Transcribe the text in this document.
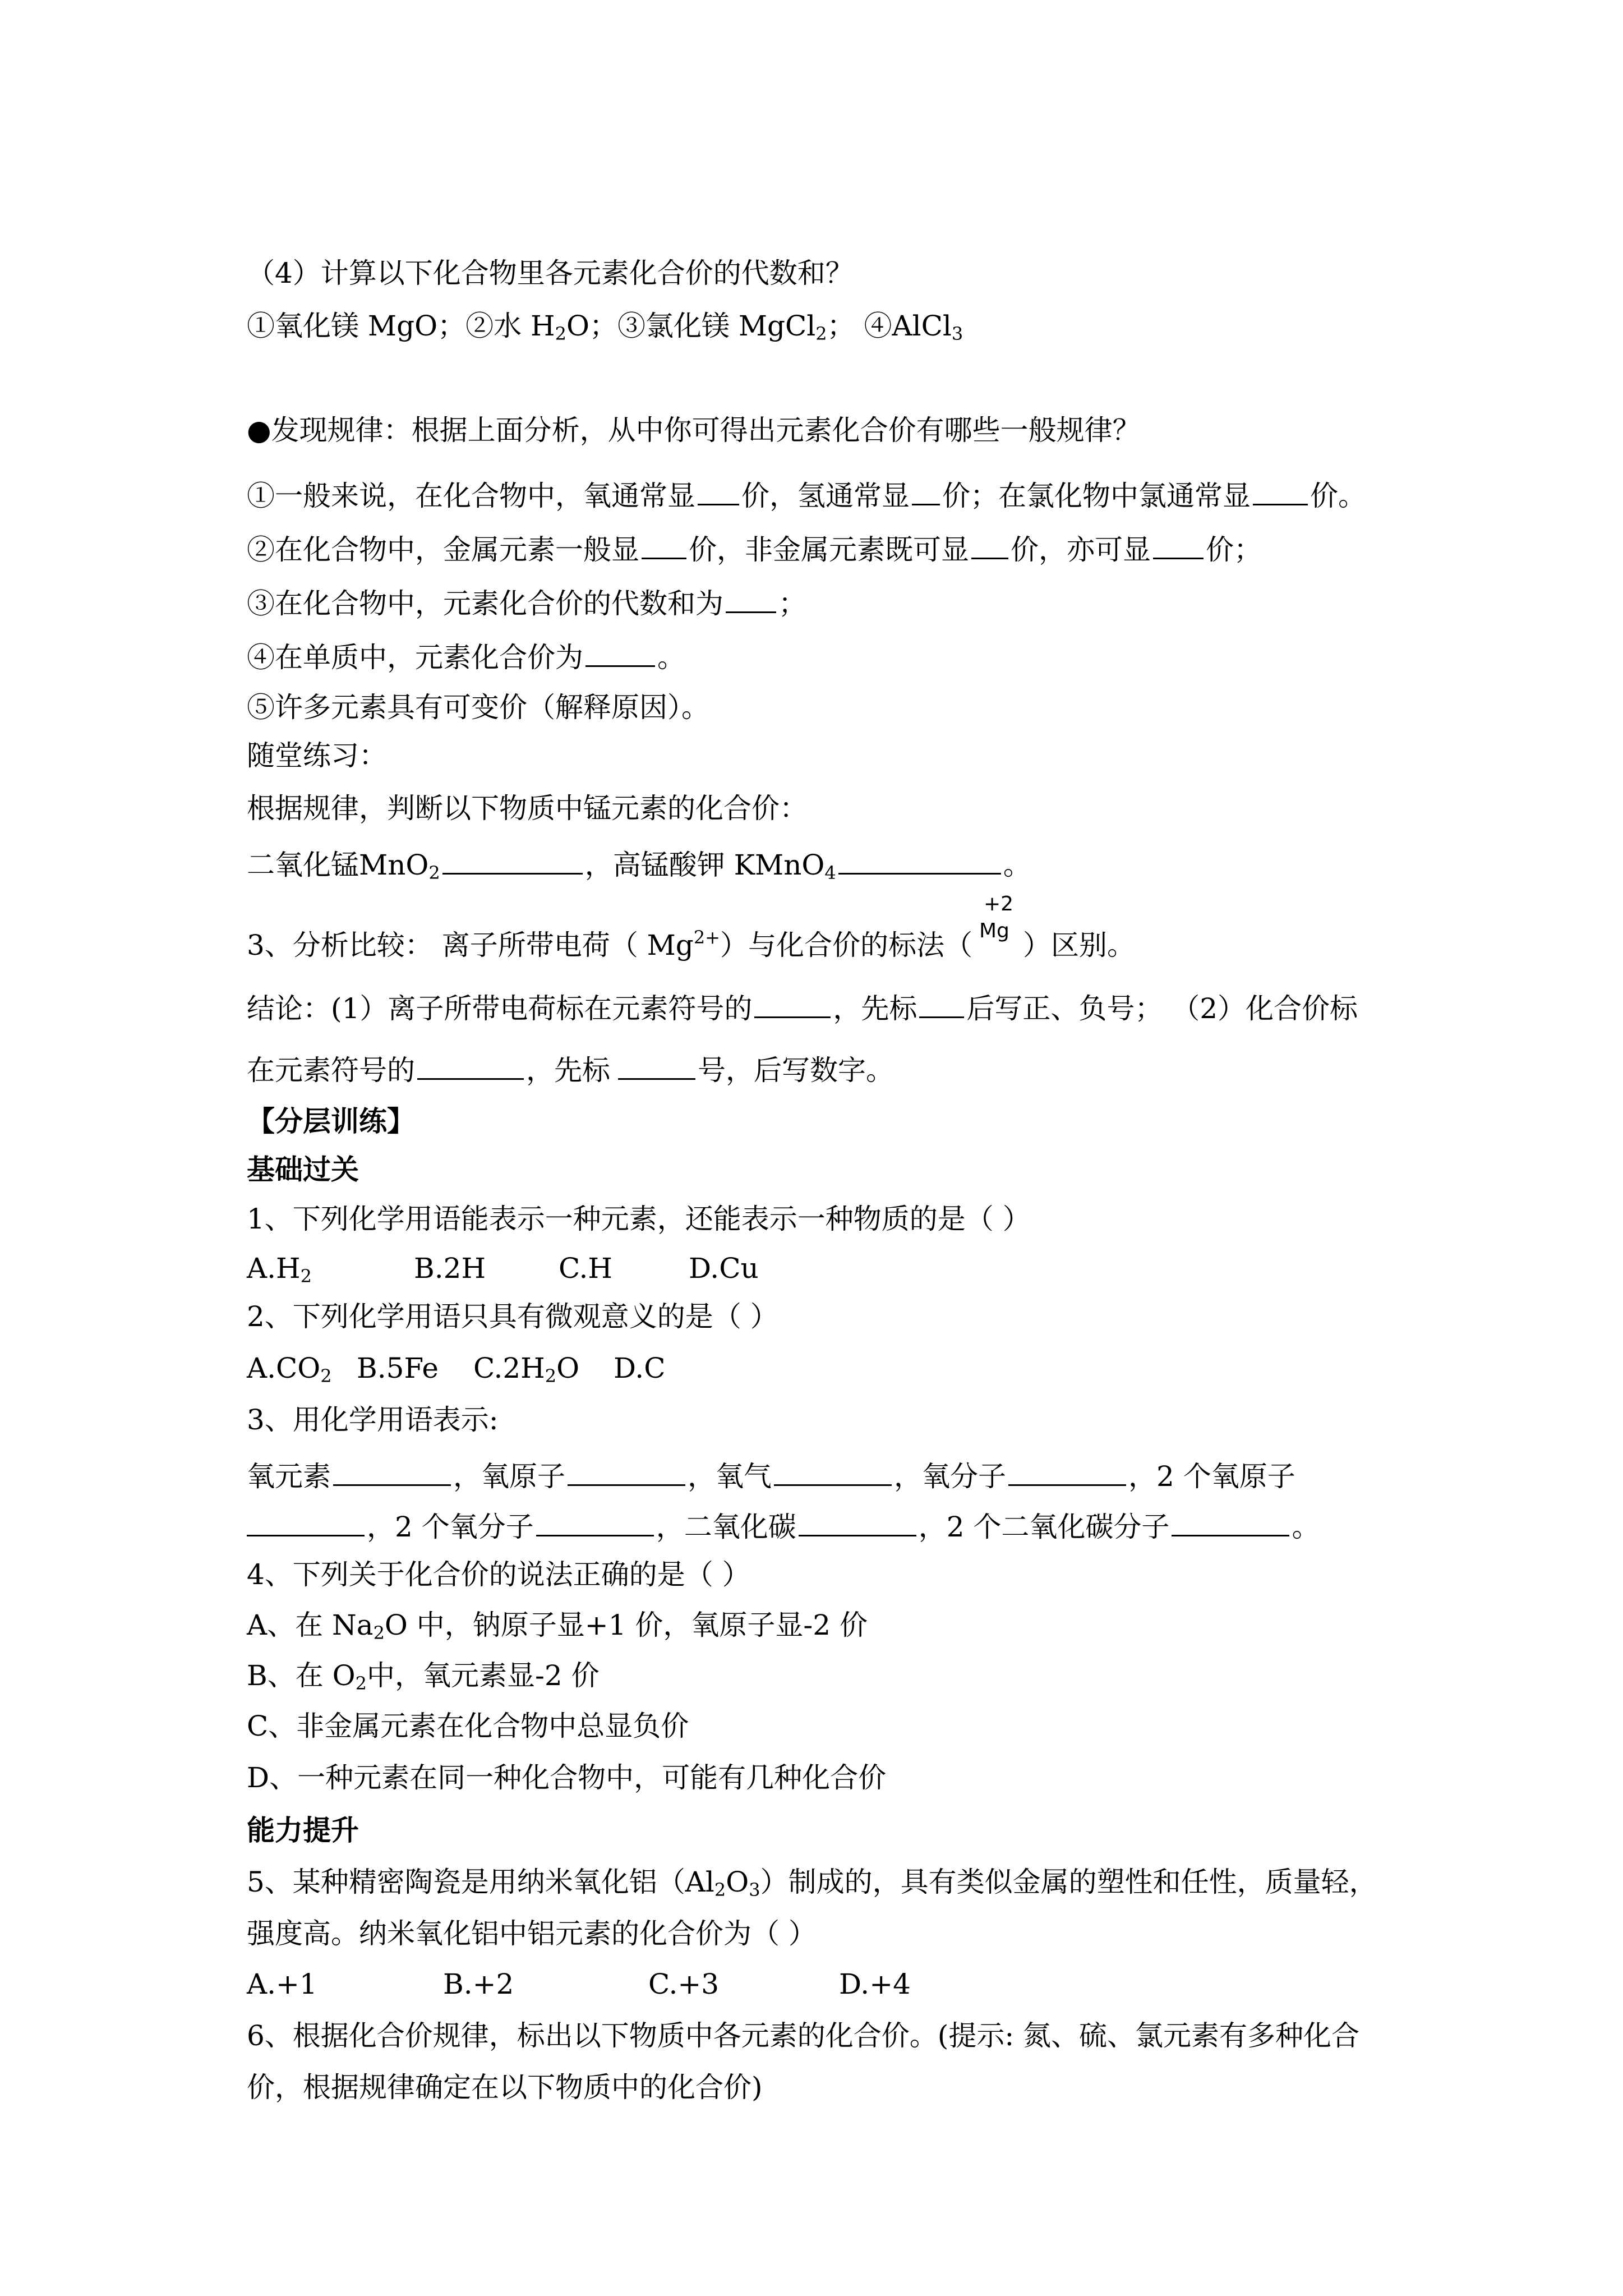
（4）计算以下化合物里各元素化合价的代数和？
①氧化镁 MgO；②水 $H_2O$；③氯化镁 MgCl$_2$； ④AlCl$_3$
●发现规律：根据上面分析，从中你可得出元素化合价有哪些一般规律？
①一般来说，在化合物中，氧通常显 价，氢通常显 价；在氯化物中氯通常显 价。
②在化合物中，金属元素一般显 价，非金属元素既可显 价，亦可显 价；
③在化合物中，元素化合价的代数和为 ；
④在单质中，元素化合价为	。
⑤许多元素具有可变价（解释原因）。
随堂练习：
根据规律，判断以下物质中锰元素的化合价：
二氧化锰MnO$_2$	，高锰酸钾 KMnO$_4$	。
3、分析比较： 离子所带电荷（ $Mg^{2+}$）与化合价的标法（
+2
Mg ）区别。
结论：(1）离子所带电荷标在元素符号的	，先标 后写正、负号； （2）化合价标
在元素符号的	，先标	号，后写数字。
【分层训练】
基础过关
1、下列化学用语能表示一种元素，还能表示一种物质的是（ ）
$A.H_2$	B.2H	C.H	D.Cu
2、下列化学用语只具有微观意义的是（ ）
$A.CO_2$ B.5Fe $C.2H_2O$ D.C
3、用化学用语表示:
氧元素	，氧原子	，氧气	，氧分子	，2 个氧原子
，2 个氧分子	，二氧化碳	，2 个二氧化碳分子	。
4、下列关于化合价的说法正确的是（ ）
A、在 $Na_2O$ 中，钠原子显+1 价，氧原子显-2 价
B、在 $O_2$中，氧元素显-2 价
C、非金属元素在化合物中总显负价
D、一种元素在同一种化合物中，可能有几种化合价
能力提升
5、某种精密陶瓷是用纳米氧化铝$(Al_2O_3)$制成的，具有类似金属的塑性和任性，质量轻，
强度高。纳米氧化铝中铝元素的化合价为（ ）
A.+1	B.+2	C.+3	D.+4
6、根据化合价规律，标出以下物质中各元素的化合价。(提示: 氮、硫、氯元素有多种化合
价，根据规律确定在以下物质中的化合价)
